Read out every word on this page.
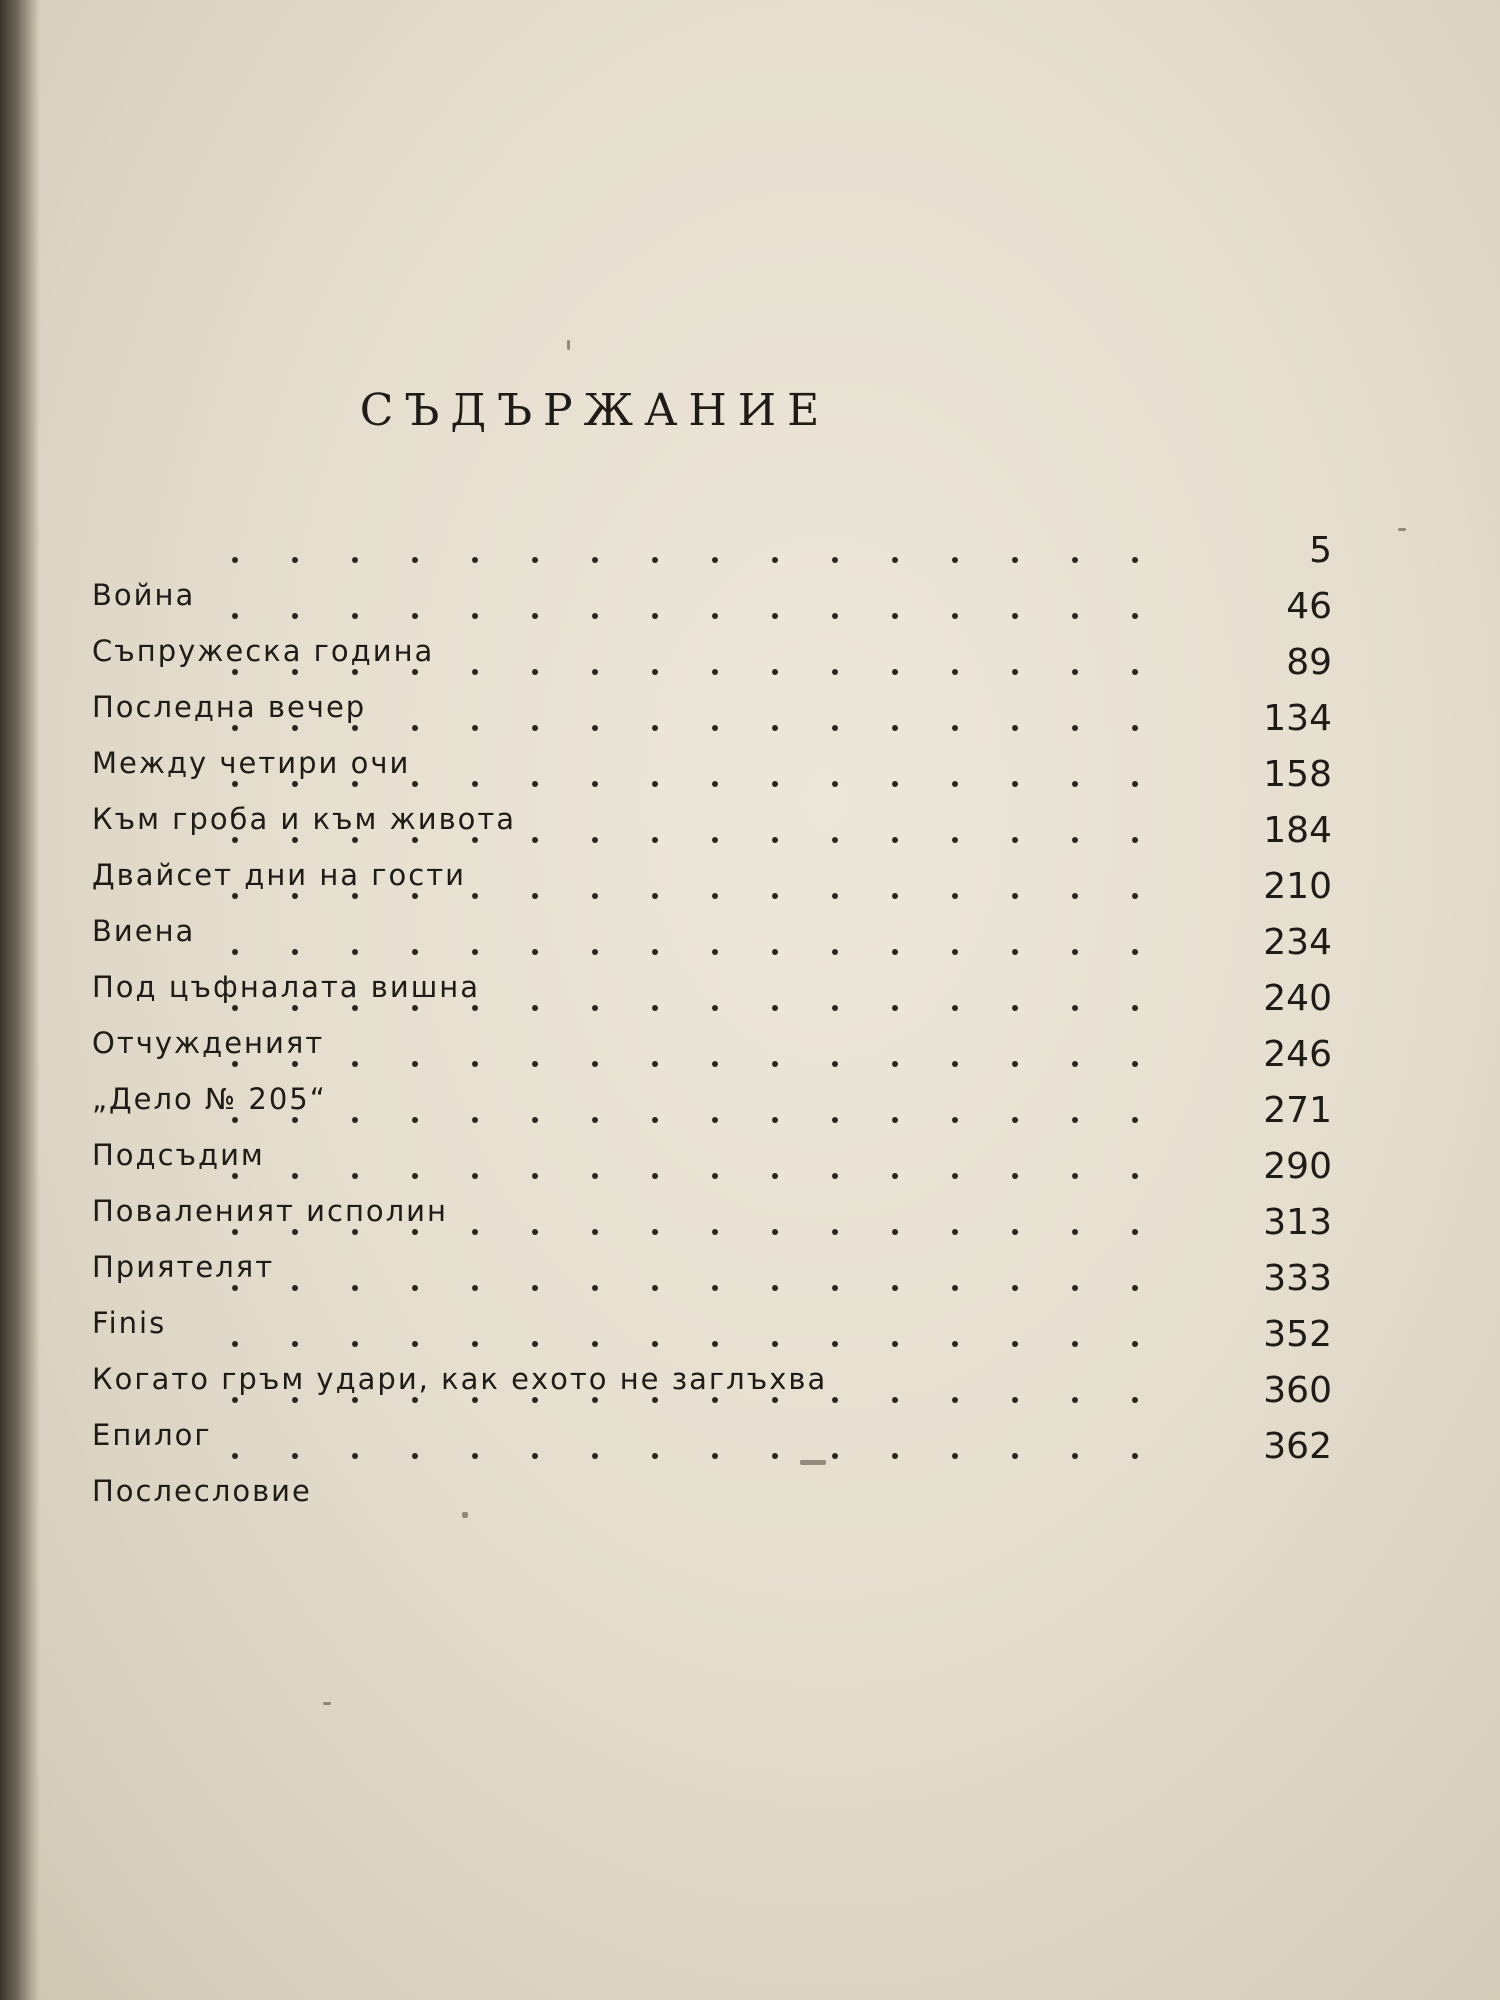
СЪДЪРЖАНИЕ
Война
5
Съпружеска година
46
Последна вечер
89
Между четири очи
134
Към гроба и към живота
158
Двайсет дни на гости
184
Виена
210
Под цъфналата вишна
234
Отчужденият
240
„Дело № 205“
246
Подсъдим
271
Поваленият исполин
290
Приятелят
313
Finis
333
Когато гръм удари, как ехото не заглъхва
352
Епилог
360
Послесловие
362
